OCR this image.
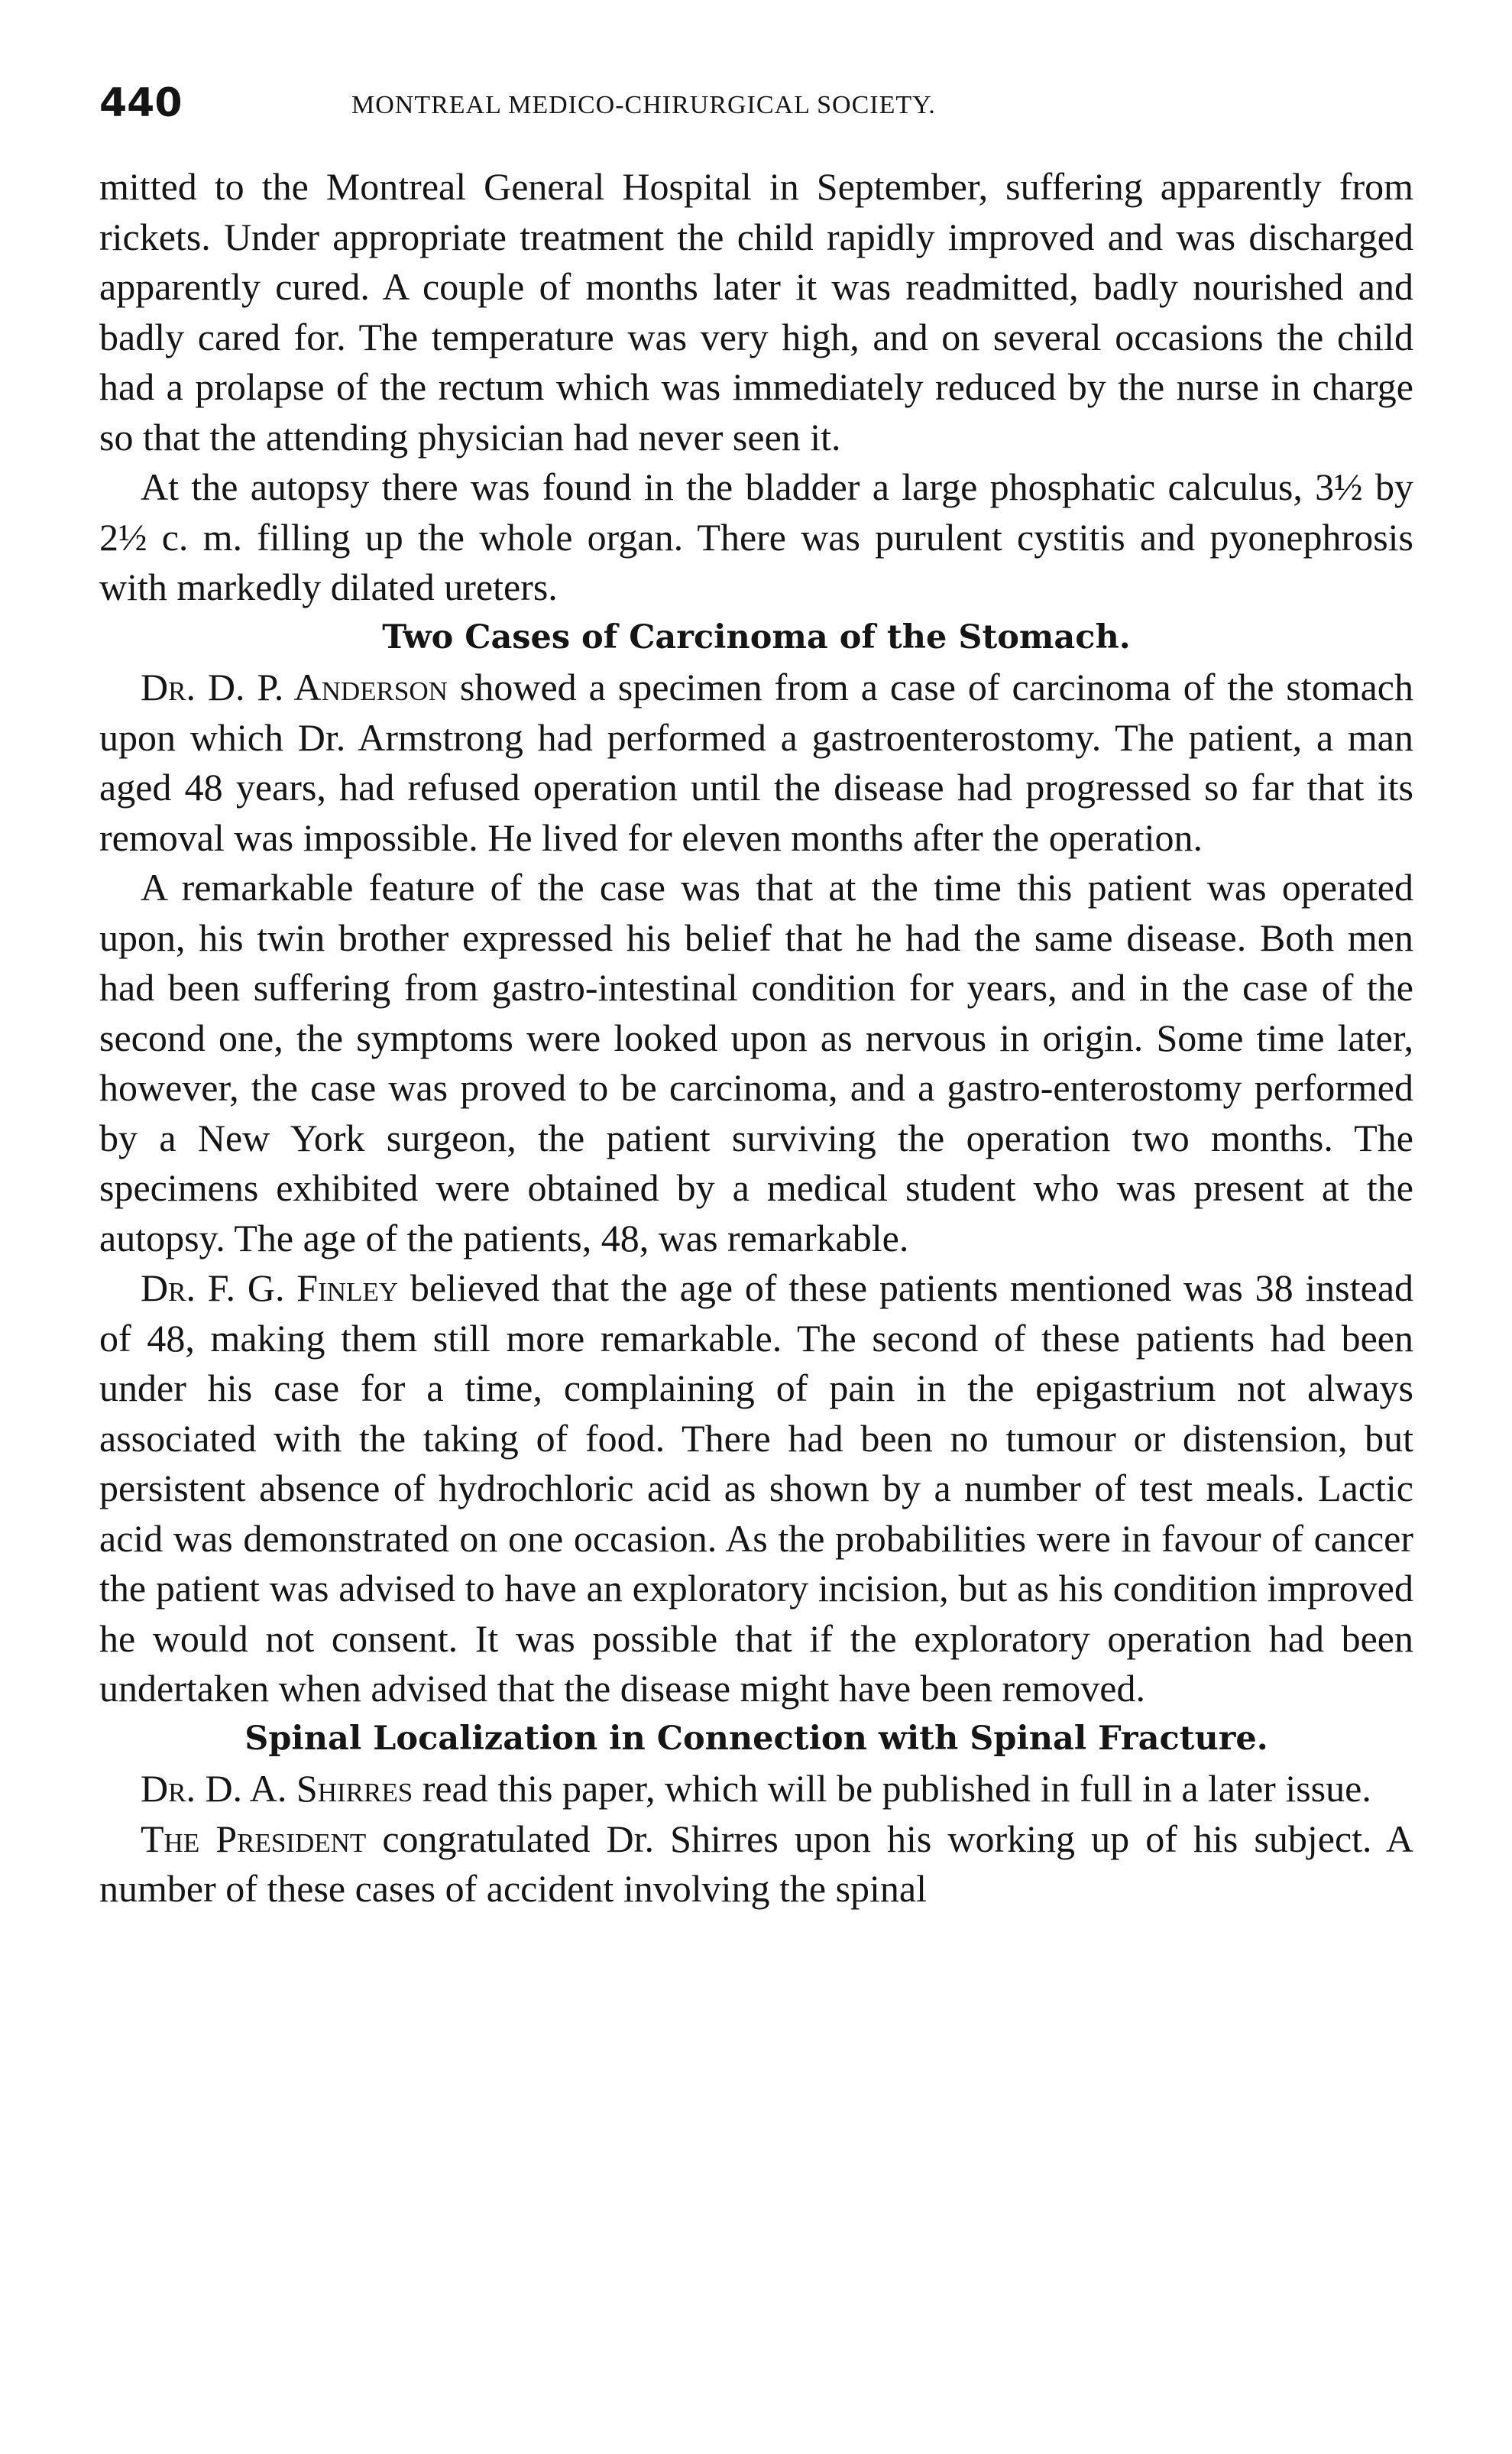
440	MONTREAL MEDICO-CHIRURGICAL SOCIETY.

mitted to the Montreal General Hospital in September, suffering apparently from rickets. Under appropriate treatment the child rapidly improved and was discharged apparently cured. A couple of months later it was readmitted, badly nourished and badly cared for. The temperature was very high, and on several occasions the child had a prolapse of the rectum which was immediately reduced by the nurse in charge so that the attending physician had never seen it.

At the autopsy there was found in the bladder a large phosphatic calculus, 3½ by 2½ c. m. filling up the whole organ. There was purulent cystitis and pyonephrosis with markedly dilated ureters.

Two Cases of Carcinoma of the Stomach.

Dr. D. P. Anderson showed a specimen from a case of carcinoma of the stomach upon which Dr. Armstrong had performed a gastroenterostomy. The patient, a man aged 48 years, had refused operation until the disease had progressed so far that its removal was impossible. He lived for eleven months after the operation.

A remarkable feature of the case was that at the time this patient was operated upon, his twin brother expressed his belief that he had the same disease. Both men had been suffering from gastro-intestinal condition for years, and in the case of the second one, the symptoms were looked upon as nervous in origin. Some time later, however, the case was proved to be carcinoma, and a gastro-enterostomy performed by a New York surgeon, the patient surviving the operation two months. The specimens exhibited were obtained by a medical student who was present at the autopsy. The age of the patients, 48, was remarkable.

Dr. F. G. Finley believed that the age of these patients mentioned was 38 instead of 48, making them still more remarkable. The second of these patients had been under his case for a time, complaining of pain in the epigastrium not always associated with the taking of food. There had been no tumour or distension, but persistent absence of hydrochloric acid as shown by a number of test meals. Lactic acid was demonstrated on one occasion. As the probabilities were in favour of cancer the patient was advised to have an exploratory incision, but as his condition improved he would not consent. It was possible that if the exploratory operation had been undertaken when advised that the disease might have been removed.

Spinal Localization in Connection with Spinal Fracture.

Dr. D. A. Shirres read this paper, which will be published in full in a later issue.

The President congratulated Dr. Shirres upon his working up of his subject. A number of these cases of accident involving the spinal
